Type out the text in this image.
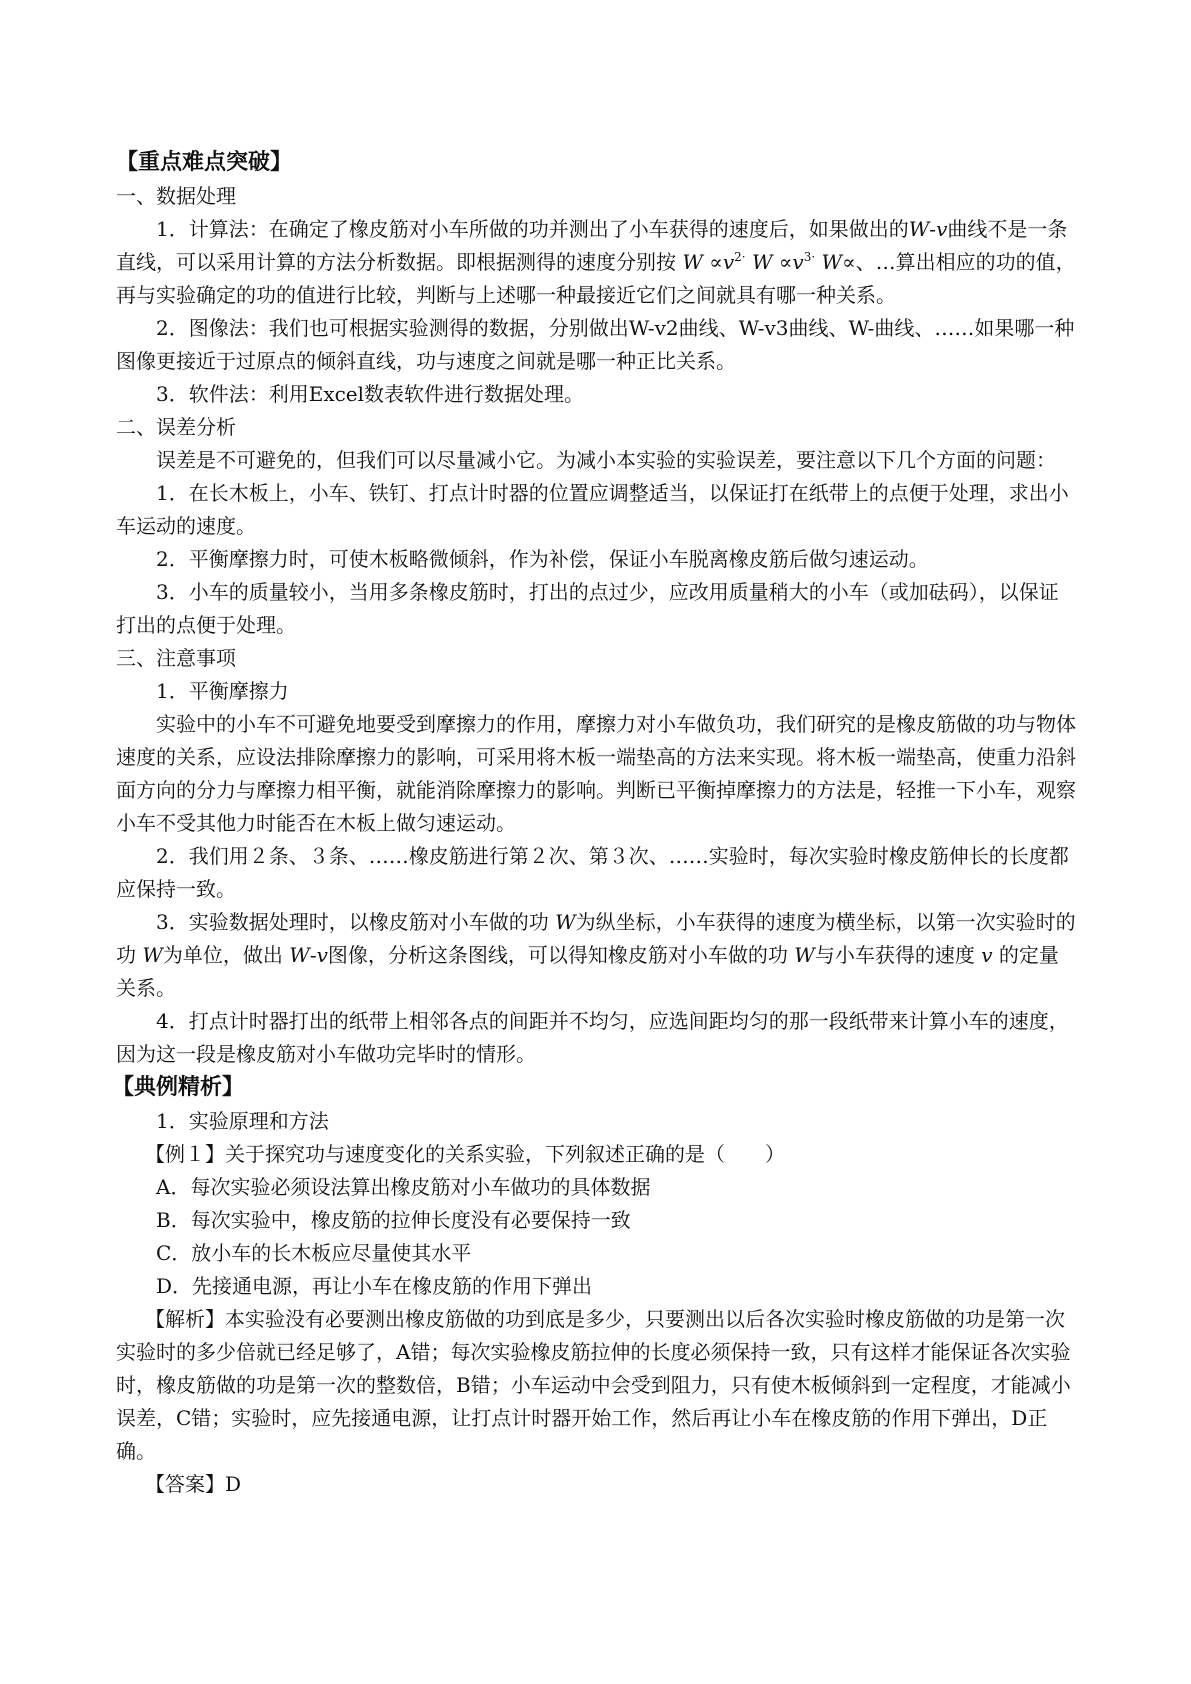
【重点难点突破】

一、数据处理

1．计算法：在确定了橡皮筋对小车所做的功并测出了小车获得的速度后，如果做出的W-v曲线不是一条直线，可以采用计算的方法分析数据。即根据测得的速度分别按 $W \propto v^{2\cdot}$ $W \propto v^{3\cdot}$ W∝、…算出相应的功的值，再与实验确定的功的值进行比较，判断与上述哪一种最接近它们之间就具有哪一种关系。

2．图像法：我们也可根据实验测得的数据，分别做出W-v2曲线、W-v3曲线、W-曲线、……如果哪一种图像更接近于过原点的倾斜直线，功与速度之间就是哪一种正比关系。

3．软件法：利用Excel数表软件进行数据处理。

二、误差分析

误差是不可避免的，但我们可以尽量减小它。为减小本实验的实验误差，要注意以下几个方面的问题：

1．在长木板上，小车、铁钉、打点计时器的位置应调整适当，以保证打在纸带上的点便于处理，求出小车运动的速度。

2．平衡摩擦力时，可使木板略微倾斜，作为补偿，保证小车脱离橡皮筋后做匀速运动。

3．小车的质量较小，当用多条橡皮筋时，打出的点过少，应改用质量稍大的小车（或加砝码），以保证打出的点便于处理。

三、注意事项

1．平衡摩擦力

实验中的小车不可避免地要受到摩擦力的作用，摩擦力对小车做负功，我们研究的是橡皮筋做的功与物体速度的关系，应设法排除摩擦力的影响，可采用将木板一端垫高的方法来实现。将木板一端垫高，使重力沿斜面方向的分力与摩擦力相平衡，就能消除摩擦力的影响。判断已平衡掉摩擦力的方法是，轻推一下小车，观察小车不受其他力时能否在木板上做匀速运动。

2．我们用２条、３条、……橡皮筋进行第２次、第３次、……实验时，每次实验时橡皮筋伸长的长度都应保持一致。

3．实验数据处理时，以橡皮筋对小车做的功 W为纵坐标，小车获得的速度为横坐标，以第一次实验时的功 W为单位，做出 W-v图像，分析这条图线，可以得知橡皮筋对小车做的功 W与小车获得的速度 v 的定量关系。

4．打点计时器打出的纸带上相邻各点的间距并不均匀，应选间距均匀的那一段纸带来计算小车的速度，因为这一段是橡皮筋对小车做功完毕时的情形。

【典例精析】

1．实验原理和方法

【例１】关于探究功与速度变化的关系实验，下列叙述正确的是（　　）

A．每次实验必须设法算出橡皮筋对小车做功的具体数据

B．每次实验中，橡皮筋的拉伸长度没有必要保持一致

C．放小车的长木板应尽量使其水平

D．先接通电源，再让小车在橡皮筋的作用下弹出

【解析】本实验没有必要测出橡皮筋做的功到底是多少，只要测出以后各次实验时橡皮筋做的功是第一次实验时的多少倍就已经足够了，A错；每次实验橡皮筋拉伸的长度必须保持一致，只有这样才能保证各次实验时，橡皮筋做的功是第一次的整数倍，B错；小车运动中会受到阻力，只有使木板倾斜到一定程度，才能减小误差，C错；实验时，应先接通电源，让打点计时器开始工作，然后再让小车在橡皮筋的作用下弹出，D正确。

【答案】D
